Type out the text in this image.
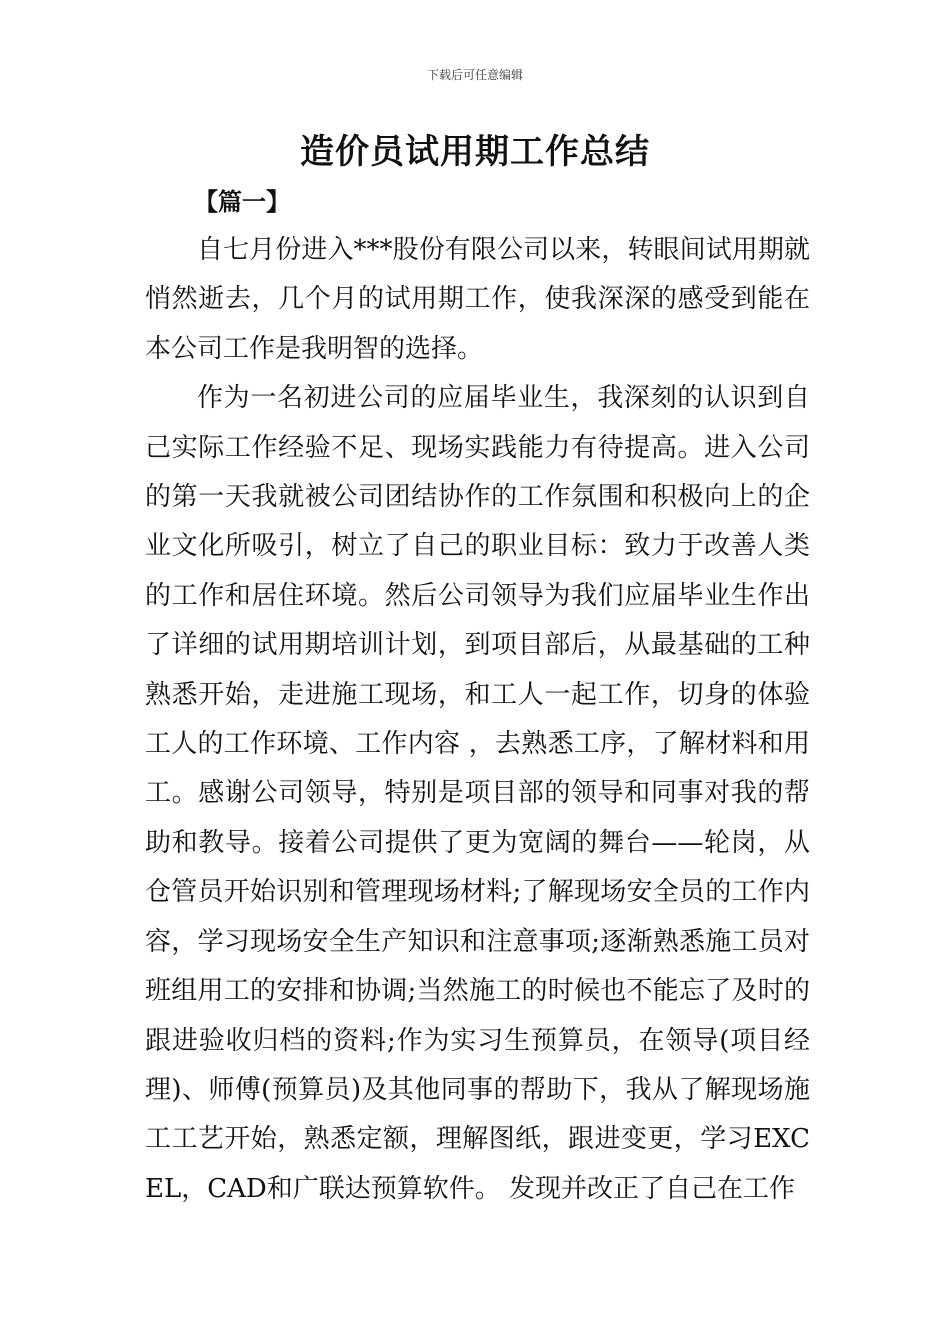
下载后可任意编辑
造价员试用期工作总结
【篇一】

自七月份进入***股份有限公司以来，转眼间试用期就悄然逝去，几个月的试用期工作，使我深深的感受到能在本公司工作是我明智的选择。

作为一名初进公司的应届毕业生，我深刻的认识到自己实际工作经验不足、现场实践能力有待提高。进入公司的第一天我就被公司团结协作的工作氛围和积极向上的企业文化所吸引，树立了自己的职业目标：致力于改善人类的工作和居住环境。然后公司领导为我们应届毕业生作出了详细的试用期培训计划，到项目部后，从最基础的工种熟悉开始，走进施工现场，和工人一起工作，切身的体验工人的工作环境、工作内容 ，去熟悉工序，了解材料和用工。感谢公司领导，特别是项目部的领导和同事对我的帮助和教导。接着公司提供了更为宽阔的舞台——轮岗，从仓管员开始识别和管理现场材料;了解现场安全员的工作内容，学习现场安全生产知识和注意事项;逐渐熟悉施工员对班组用工的安排和协调;当然施工的时候也不能忘了及时的跟进验收归档的资料;作为实习生预算员，在领导(项目经理)、师傅(预算员)及其他同事的帮助下，我从了解现场施工工艺开始，熟悉定额，理解图纸，跟进变更，学习EXCEL，CAD和广联达预算软件。 发现并改正了自己在工作
